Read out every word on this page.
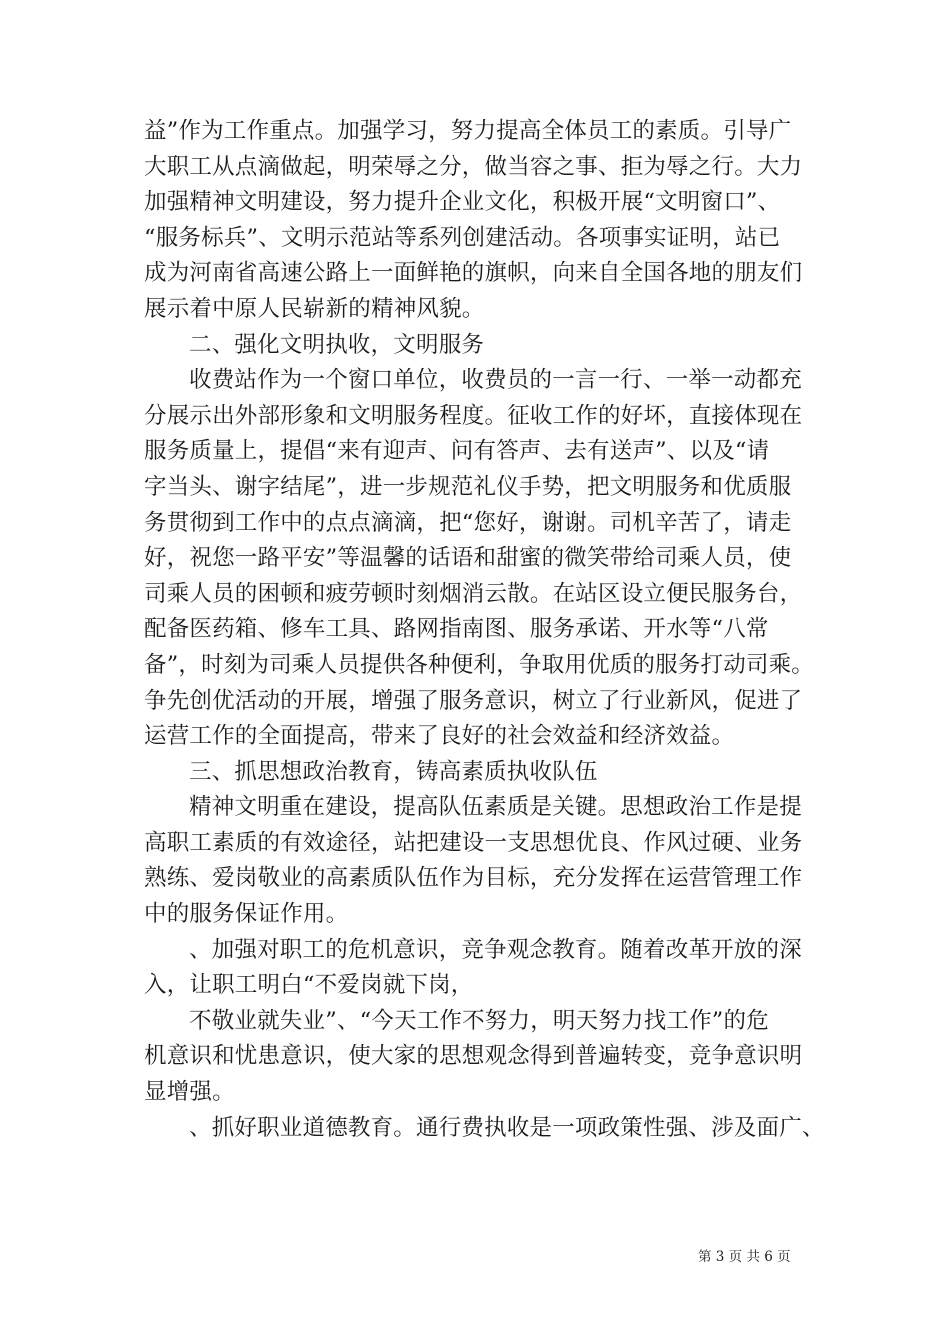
益”作为工作重点。加强学习，努力提高全体员工的素质。引导广
大职工从点滴做起，明荣辱之分，做当容之事、拒为辱之行。大力
加强精神文明建设，努力提升企业文化，积极开展“文明窗口”、
“服务标兵”、文明示范站等系列创建活动。各项事实证明，站已
成为河南省高速公路上一面鲜艳的旗帜，向来自全国各地的朋友们
展示着中原人民崭新的精神风貌。
二、强化文明执收，文明服务
收费站作为一个窗口单位，收费员的一言一行、一举一动都充
分展示出外部形象和文明服务程度。征收工作的好坏，直接体现在
服务质量上，提倡“来有迎声、问有答声、去有送声”、以及“请
字当头、谢字结尾”，进一步规范礼仪手势，把文明服务和优质服
务贯彻到工作中的点点滴滴，把“您好，谢谢。司机辛苦了，请走
好，祝您一路平安”等温馨的话语和甜蜜的微笑带给司乘人员，使
司乘人员的困顿和疲劳顿时刻烟消云散。在站区设立便民服务台，
配备医药箱、修车工具、路网指南图、服务承诺、开水等“八常
备”，时刻为司乘人员提供各种便利，争取用优质的服务打动司乘。
争先创优活动的开展，增强了服务意识，树立了行业新风，促进了
运营工作的全面提高，带来了良好的社会效益和经济效益。
三、抓思想政治教育，铸高素质执收队伍
精神文明重在建设，提高队伍素质是关键。思想政治工作是提
高职工素质的有效途径，站把建设一支思想优良、作风过硬、业务
熟练、爱岗敬业的高素质队伍作为目标，充分发挥在运营管理工作
中的服务保证作用。
、加强对职工的危机意识，竞争观念教育。随着改革开放的深
入，让职工明白“不爱岗就下岗，
不敬业就失业”、“今天工作不努力，明天努力找工作”的危
机意识和忧患意识，使大家的思想观念得到普遍转变，竞争意识明
显增强。
、抓好职业道德教育。通行费执收是一项政策性强、涉及面广、
第 3 页 共 6 页
